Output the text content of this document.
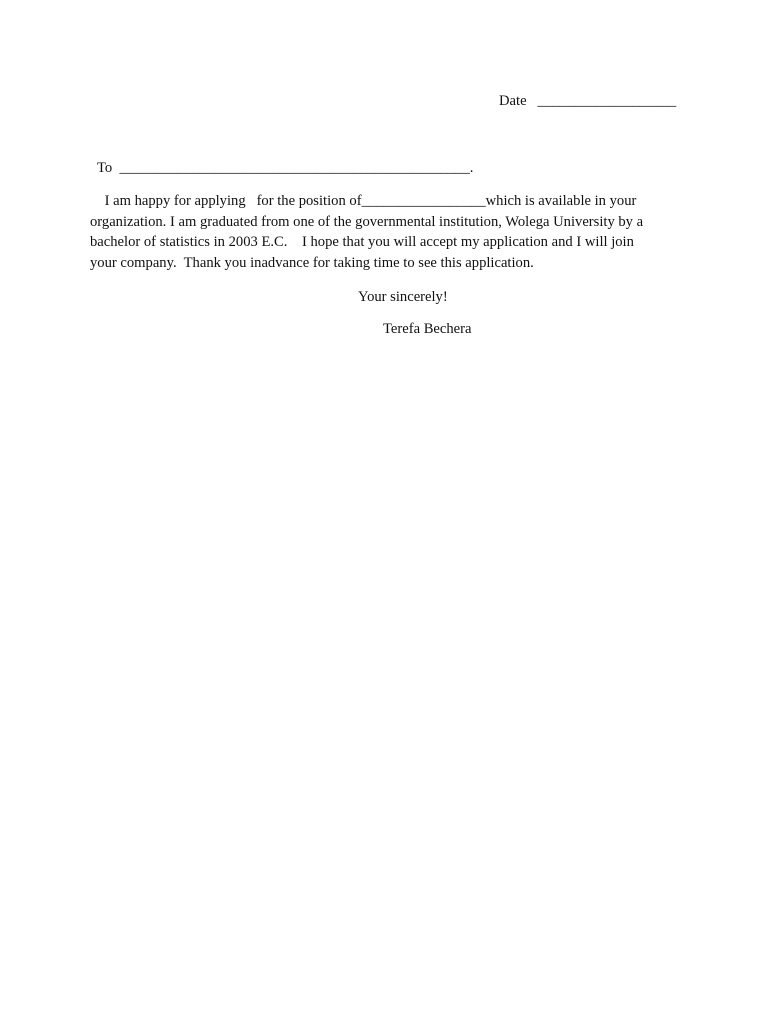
Date ___________________
To ________________________________________________.
I am happy for applying   for the position of_________________which is available in your
organization. I am graduated from one of the governmental institution, Wolega University by a
bachelor of statistics in 2003 E.C.    I hope that you will accept my application and I will join
your company.  Thank you inadvance for taking time to see this application.
Your sincerely!
Terefa Bechera
